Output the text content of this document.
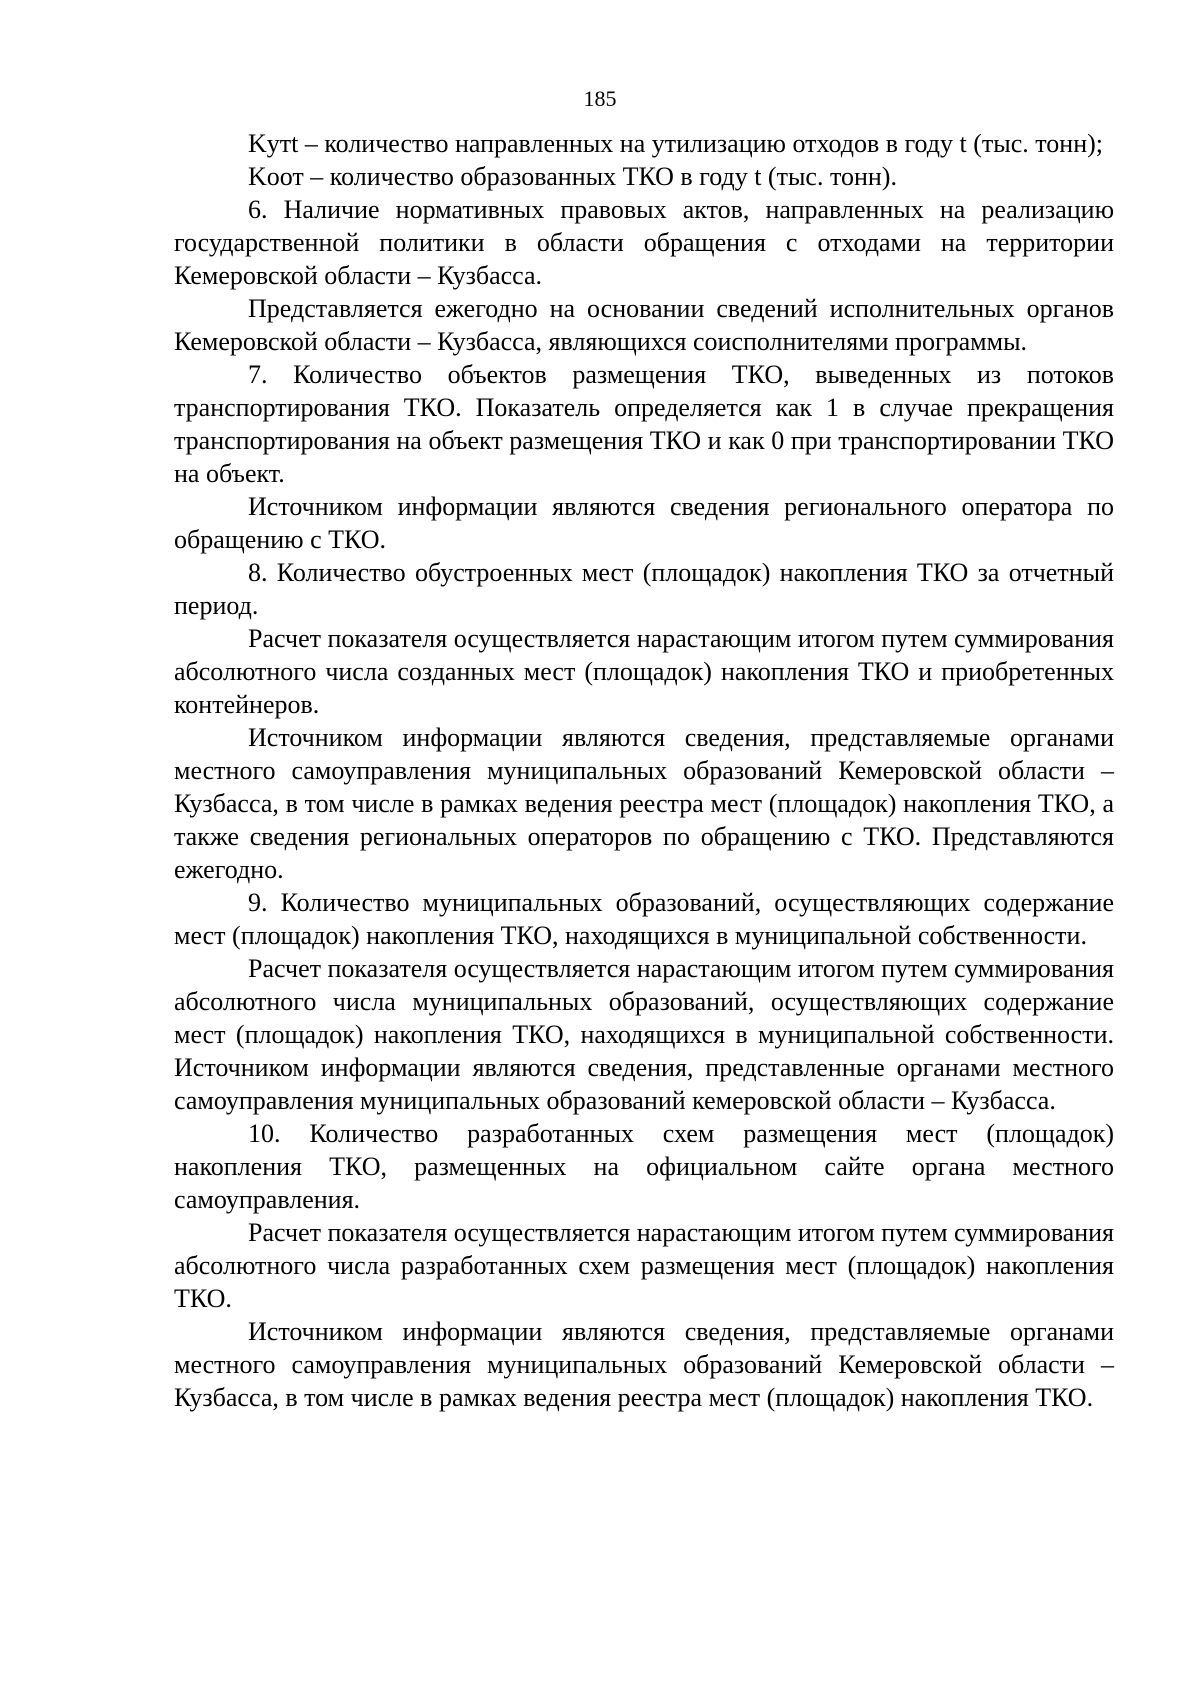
185

Kутt – количество направленных на утилизацию отходов в году t (тыс. тонн);

Kоот – количество образованных ТКО в году t (тыс. тонн).

6. Наличие нормативных правовых актов, направленных на реализацию государственной политики в области обращения с отходами на территории Кемеровской области – Кузбасса.

Представляется ежегодно на основании сведений исполнительных органов Кемеровской области – Кузбасса, являющихся соисполнителями программы.

7. Количество объектов размещения ТКО, выведенных из потоков транспортирования ТКО. Показатель определяется как 1 в случае прекращения транспортирования на объект размещения ТКО и как 0 при транспортировании ТКО на объект.

Источником информации являются сведения регионального оператора по обращению с ТКО.

8. Количество обустроенных мест (площадок) накопления ТКО за отчетный период.

Расчет показателя осуществляется нарастающим итогом путем суммирования абсолютного числа созданных мест (площадок) накопления ТКО и приобретенных контейнеров.

Источником информации являются сведения, представляемые органами местного самоуправления муниципальных образований Кемеровской области – Кузбасса, в том числе в рамках ведения реестра мест (площадок) накопления ТКО, а также сведения региональных операторов по обращению с ТКО. Представляются ежегодно.

9. Количество муниципальных образований, осуществляющих содержание мест (площадок) накопления ТКО, находящихся в муниципальной собственности.

Расчет показателя осуществляется нарастающим итогом путем суммирования абсолютного числа муниципальных образований, осуществляющих содержание мест (площадок) накопления ТКО, находящихся в муниципальной собственности. Источником информации являются сведения, представленные органами местного самоуправления муниципальных образований кемеровской области – Кузбасса.

10. Количество разработанных схем размещения мест (площадок) накопления ТКО, размещенных на официальном сайте органа местного самоуправления.

Расчет показателя осуществляется нарастающим итогом путем суммирования абсолютного числа разработанных схем размещения мест (площадок) накопления ТКО.

Источником информации являются сведения, представляемые органами местного самоуправления муниципальных образований Кемеровской области – Кузбасса, в том числе в рамках ведения реестра мест (площадок) накопления ТКО.
